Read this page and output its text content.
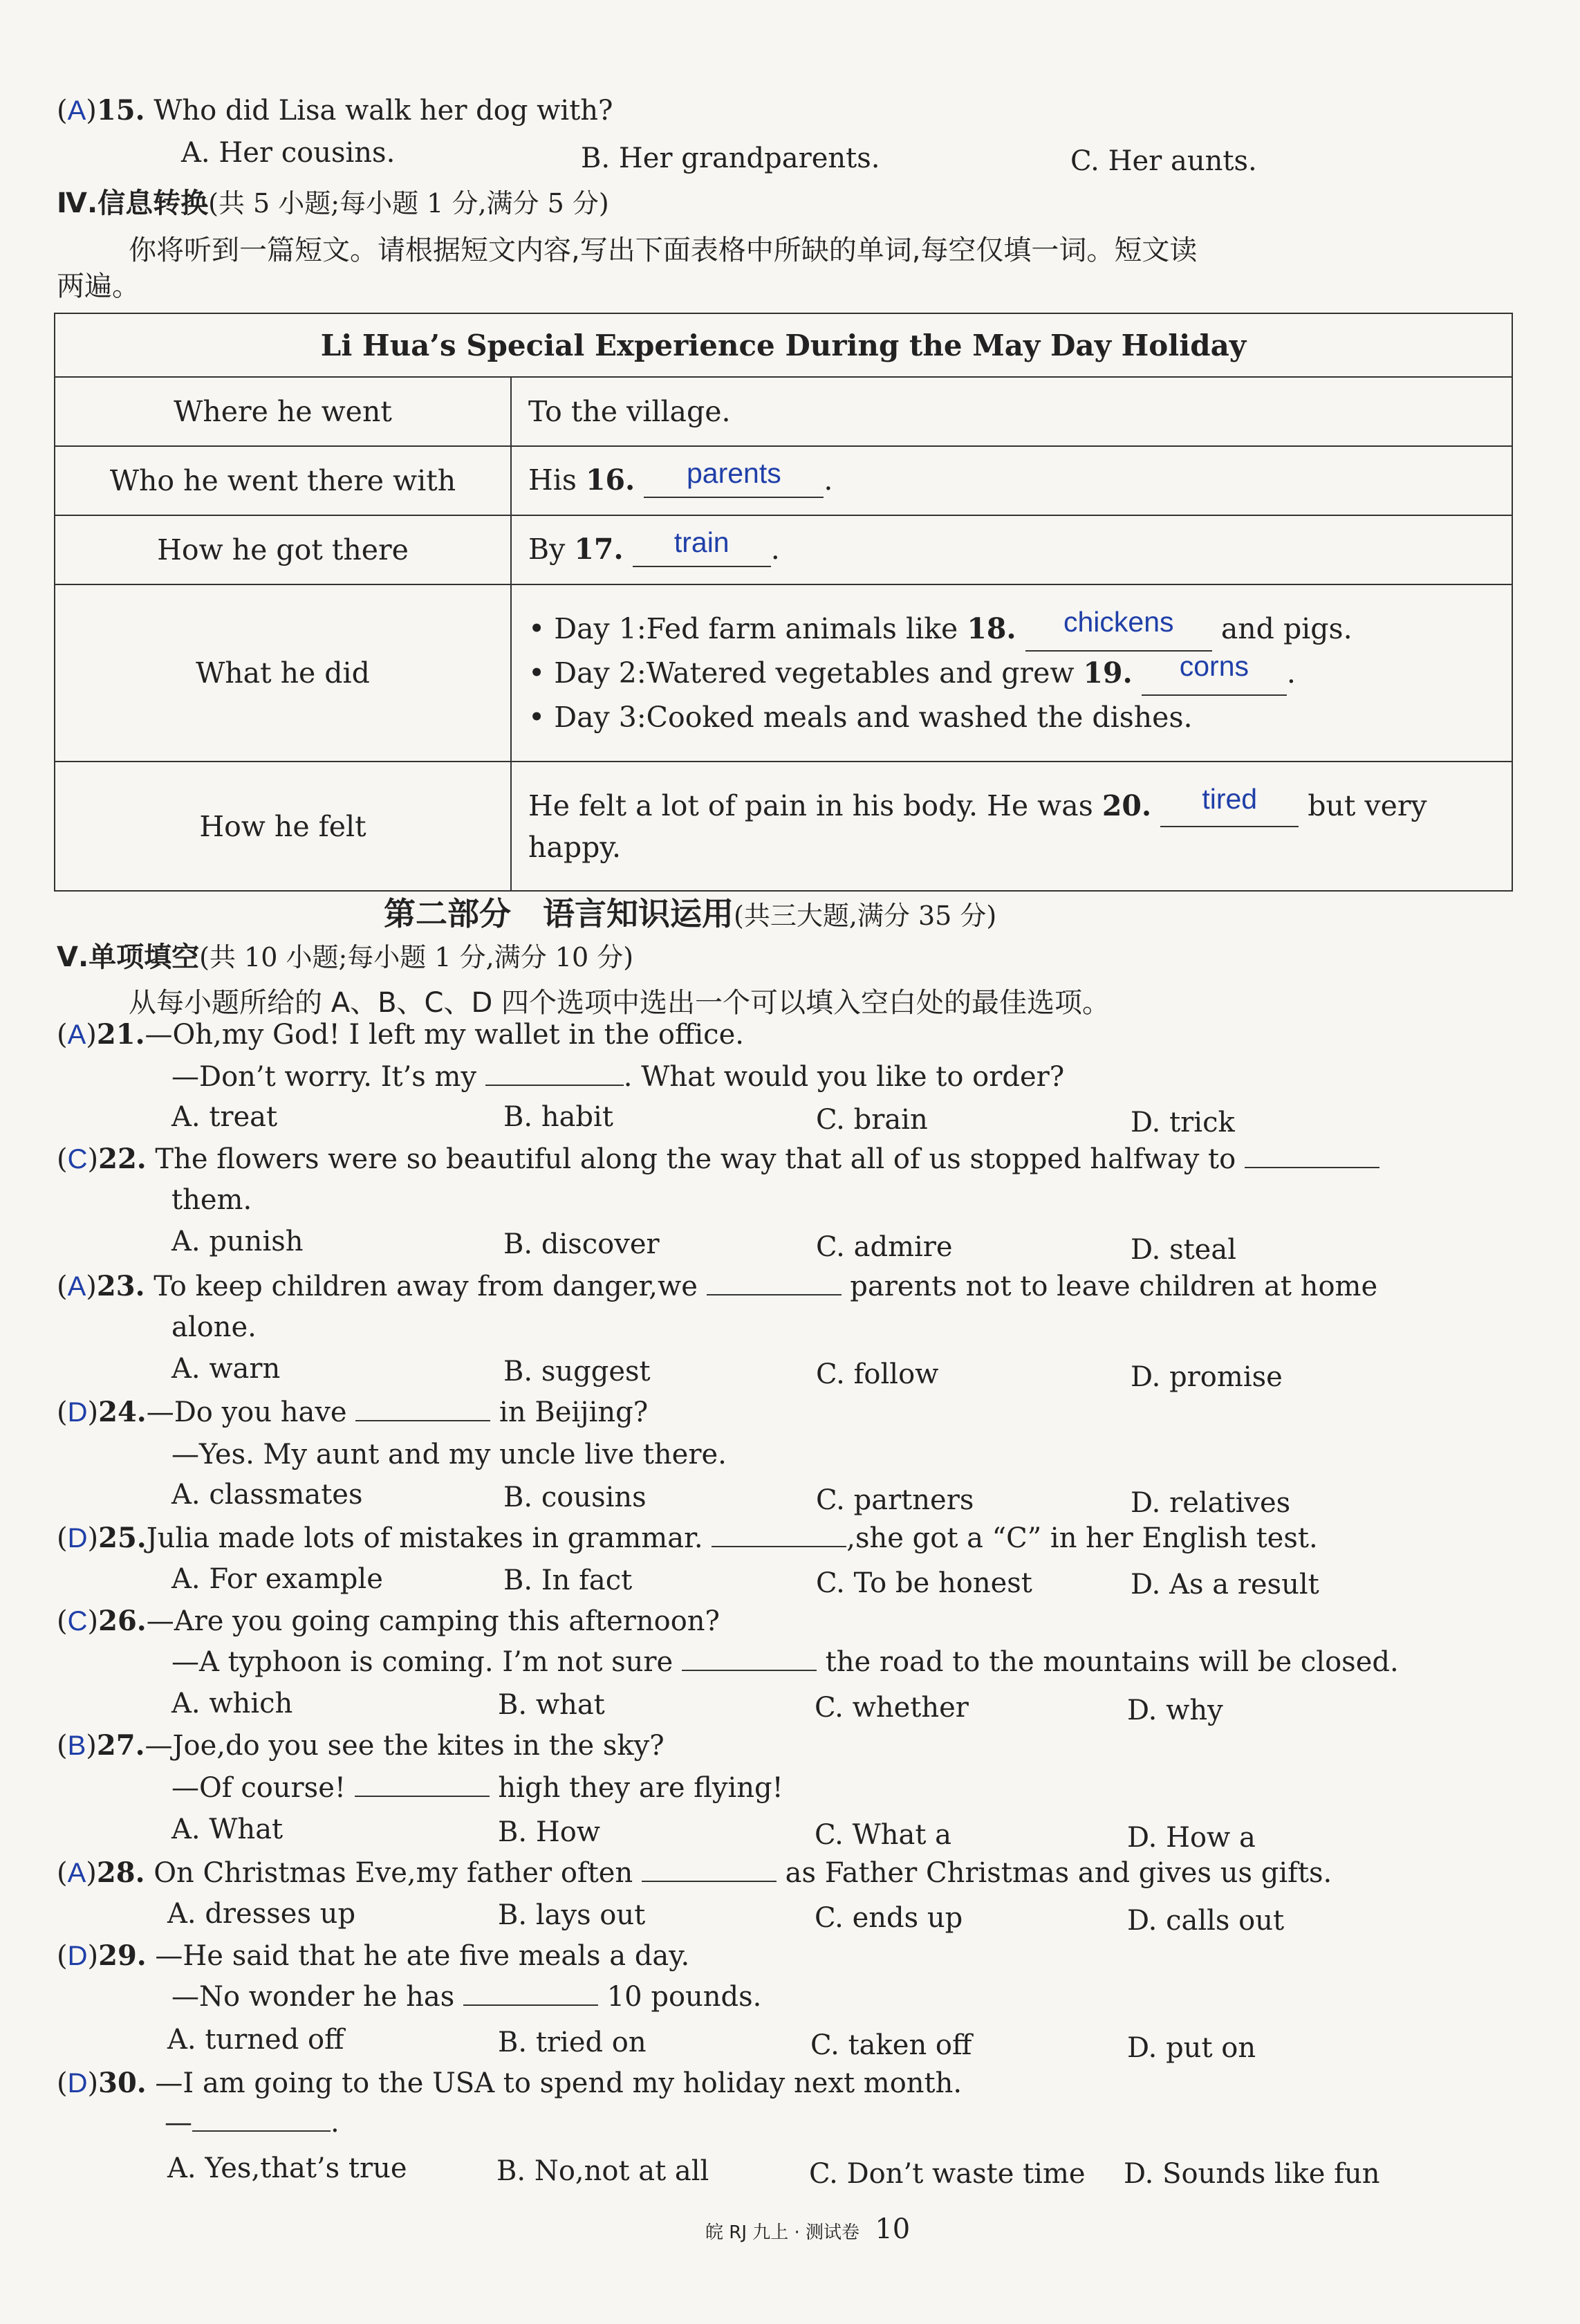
(A)15. Who did Lisa walk her dog with?
A. Her cousins.	B. Her grandparents.	C. Her aunts.
Ⅳ.信息转换(共 5 小题;每小题 1 分,满分 5 分)
你将听到一篇短文。请根据短文内容,写出下面表格中所缺的单词,每空仅填一词。短文读
两遍。
Li Hua’s Special Experience During the May Day Holiday	
Where he went	To the village.
Who he went there with	His 16. parents .
How he got there	By 17. train .
What he did	• Day 1:Fed farm animals like 18. chickens and pigs.
• Day 2:Watered vegetables and grew 19. corns .
• Day 3:Cooked meals and washed the dishes.

How he felt	He felt a lot of pain in his body. He was 20. tired but very
happy.
第二部分　语言知识运用(共三大题,满分 35 分)
Ⅴ.单项填空(共 10 小题;每小题 1 分,满分 10 分)
从每小题所给的 A、B、C、D 四个选项中选出一个可以填入空白处的最佳选项。
(A)21.—Oh,my God! I left my wallet in the office.
—Don’t worry. It’s my	. What would you like to order?
A. treat	B. habit	C. brain	D. trick
(C)22. The flowers were so beautiful along the way that all of us stopped halfway to
them.
A. punish	B. discover	C. admire	D. steal
(A)23. To keep children away from danger,we	parents not to leave children at home
alone.
A. warn	B. suggest	C. follow	D. promise
(D)24.—Do you have	in Beijing?
—Yes. My aunt and my uncle live there.
A. classmates	B. cousins	C. partners	D. relatives
(D)25.Julia made lots of mistakes in grammar.	,she got a “C” in her English test.
A. For example	B. In fact	C. To be honest	D. As a result
(C)26.—Are you going camping this afternoon?
—A typhoon is coming. I’m not sure	the road to the mountains will be closed.
A. which	B. what	C. whether	D. why
(B)27.—Joe,do you see the kites in the sky?
—Of course!	high they are flying!
A. What	B. How	C. What a	D. How a
(A)28. On Christmas Eve,my father often	as Father Christmas and gives us gifts.
A. dresses up	B. lays out	C. ends up	D. calls out
(D)29. —He said that he ate five meals a day.
—No wonder he has	10 pounds.
A. turned off	B. tried on	C. taken off	D. put on
(D)30. —I am going to the USA to spend my holiday next month.
—	.
A. Yes,that’s true	B. No,not at all	C. Don’t waste time D. Sounds like fun
皖 RJ 九上 · 测试卷 10
